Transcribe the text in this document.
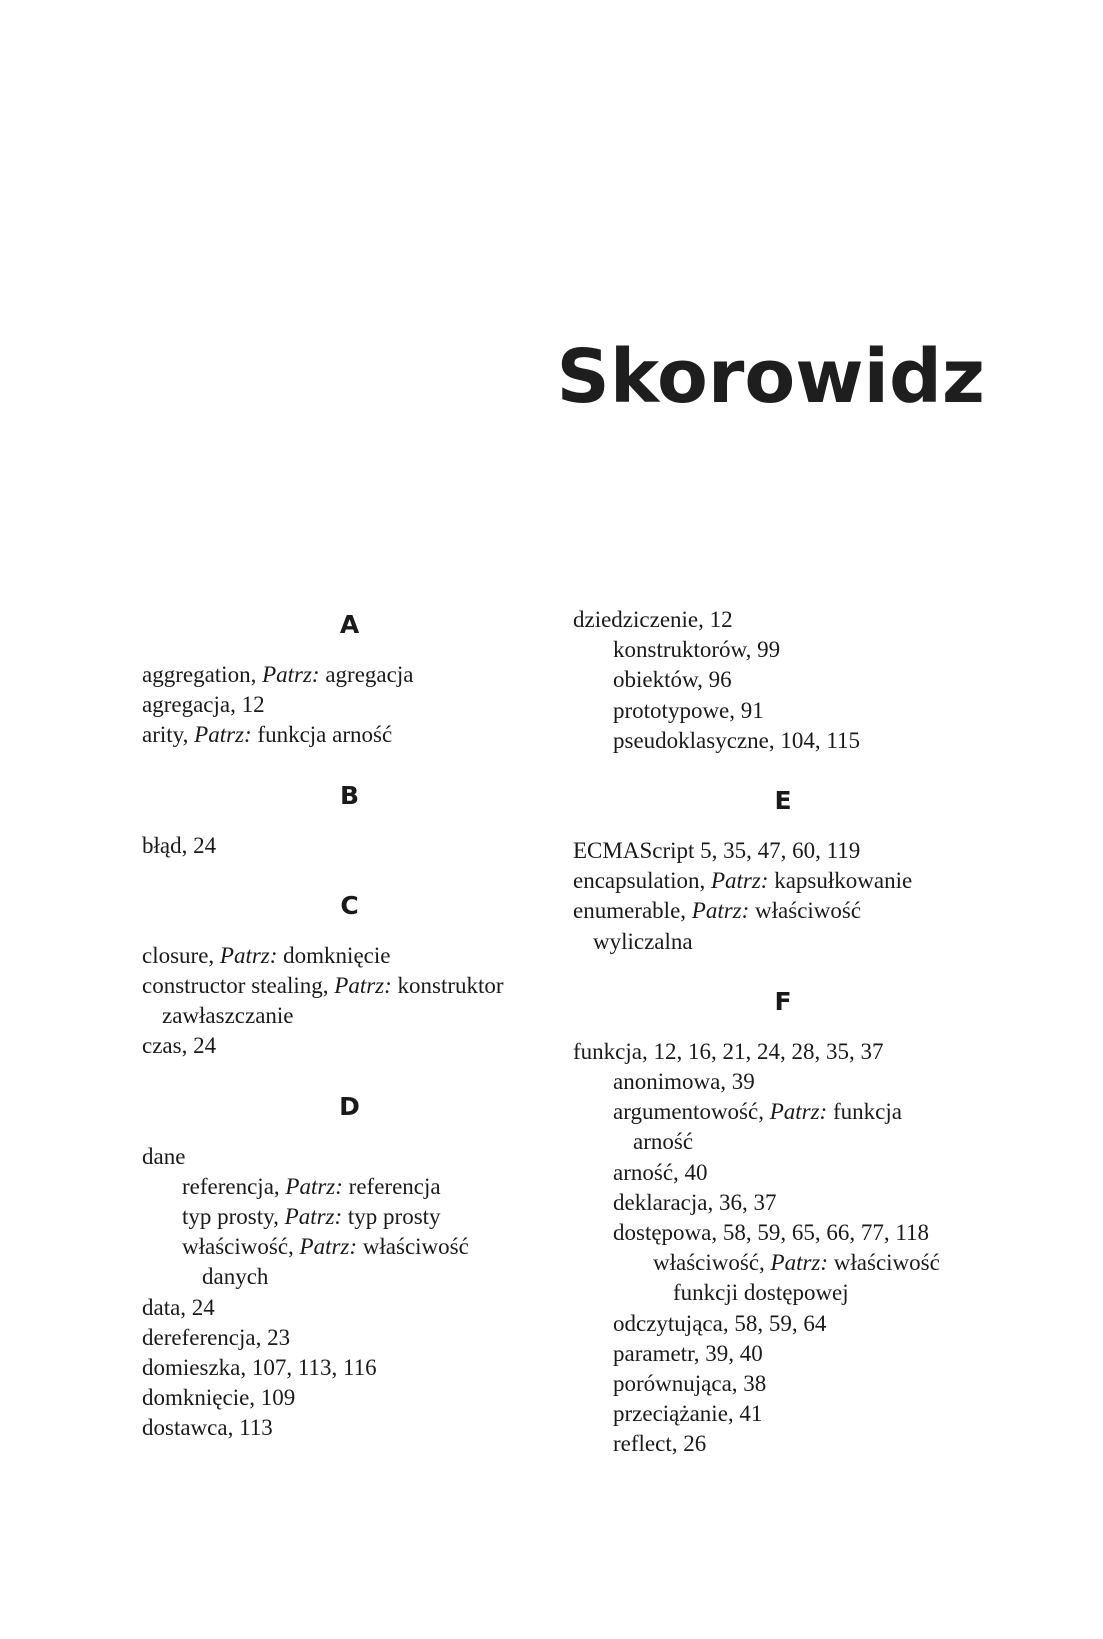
Skorowidz
A
aggregation, Patrz: agregacja
agregacja, 12
arity, Patrz: funkcja arność
B
błąd, 24
C
closure, Patrz: domknięcie
constructor stealing, Patrz: konstruktor
zawłaszczanie
czas, 24
D
dane
referencja, Patrz: referencja
typ prosty, Patrz: typ prosty
właściwość, Patrz: właściwość
danych
data, 24
dereferencja, 23
domieszka, 107, 113, 116
domknięcie, 109
dostawca, 113
dziedziczenie, 12
konstruktorów, 99
obiektów, 96
prototypowe, 91
pseudoklasyczne, 104, 115
E
ECMAScript 5, 35, 47, 60, 119
encapsulation, Patrz: kapsułkowanie
enumerable, Patrz: właściwość
wyliczalna
F
funkcja, 12, 16, 21, 24, 28, 35, 37
anonimowa, 39
argumentowość, Patrz: funkcja
arność
arność, 40
deklaracja, 36, 37
dostępowa, 58, 59, 65, 66, 77, 118
właściwość, Patrz: właściwość
funkcji dostępowej
odczytująca, 58, 59, 64
parametr, 39, 40
porównująca, 38
przeciążanie, 41
reflect, 26
